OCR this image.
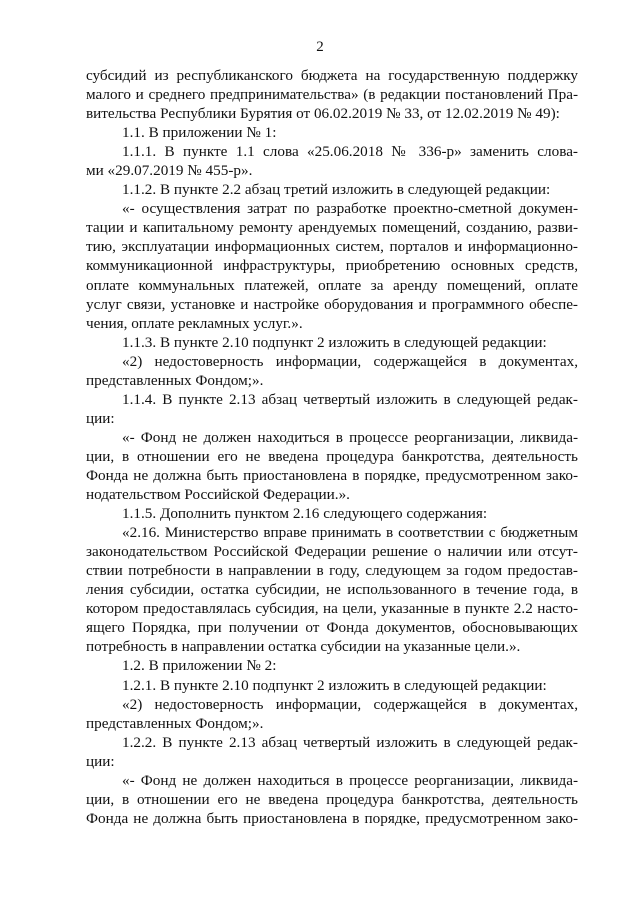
2
субсидий из республиканского бюджета на государственную поддержку
малого и среднего предпринимательства» (в редакции постановлений Пра-
вительства Республики Бурятия от 06.02.2019 № 33, от 12.02.2019 № 49):
1.1. В приложении № 1:
1.1.1. В пункте 1.1 слова «25.06.2018 № 336-р» заменить слова-
ми «29.07.2019 № 455-р».
1.1.2. В пункте 2.2 абзац третий изложить в следующей редакции:
«- осуществления затрат по разработке проектно-сметной докумен-
тации и капитальному ремонту арендуемых помещений, созданию, разви-
тию, эксплуатации информационных систем, порталов и информационно-
коммуникационной инфраструктуры, приобретению основных средств,
оплате коммунальных платежей, оплате за аренду помещений, оплате
услуг связи, установке и настройке оборудования и программного обеспе-
чения, оплате рекламных услуг.».
1.1.3. В пункте 2.10 подпункт 2 изложить в следующей редакции:
«2) недостоверность информации, содержащейся в документах,
представленных Фондом;».
1.1.4. В пункте 2.13 абзац четвертый изложить в следующей редак-
ции:
«- Фонд не должен находиться в процессе реорганизации, ликвида-
ции, в отношении его не введена процедура банкротства, деятельность
Фонда не должна быть приостановлена в порядке, предусмотренном зако-
нодательством Российской Федерации.».
1.1.5. Дополнить пунктом 2.16 следующего содержания:
«2.16. Министерство вправе принимать в соответствии с бюджетным
законодательством Российской Федерации решение о наличии или отсут-
ствии потребности в направлении в году, следующем за годом предостав-
ления субсидии, остатка субсидии, не использованного в течение года, в
котором предоставлялась субсидия, на цели, указанные в пункте 2.2 насто-
ящего Порядка, при получении от Фонда документов, обосновывающих
потребность в направлении остатка субсидии на указанные цели.».
1.2. В приложении № 2:
1.2.1. В пункте 2.10 подпункт 2 изложить в следующей редакции:
«2) недостоверность информации, содержащейся в документах,
представленных Фондом;».
1.2.2. В пункте 2.13 абзац четвертый изложить в следующей редак-
ции:
«- Фонд не должен находиться в процессе реорганизации, ликвида-
ции, в отношении его не введена процедура банкротства, деятельность
Фонда не должна быть приостановлена в порядке, предусмотренном зако-
